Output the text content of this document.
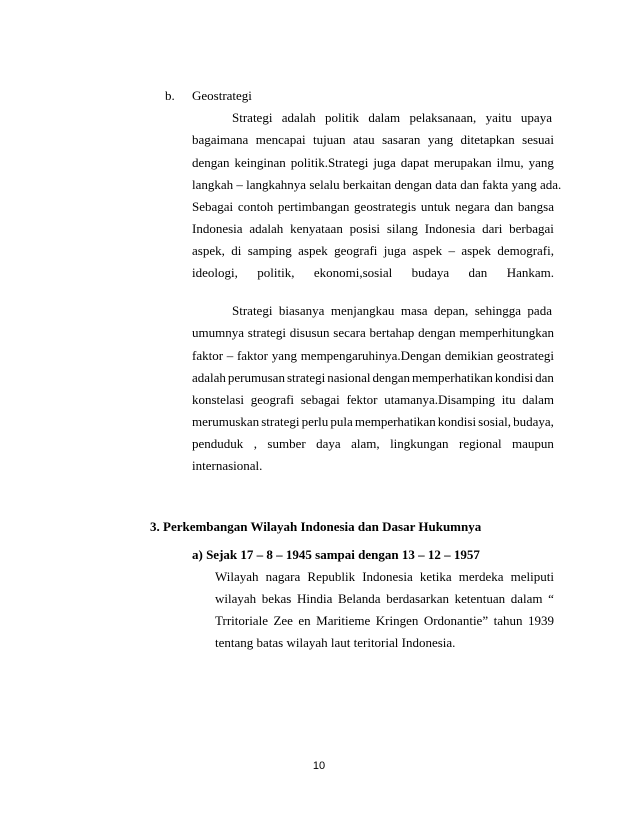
b. Geostrategi
Strategi adalah politik dalam pelaksanaan, yaitu upaya
bagaimana mencapai tujuan atau sasaran yang ditetapkan sesuai
dengan keinginan politik.Strategi juga dapat merupakan ilmu, yang
langkah – langkahnya selalu berkaitan dengan data dan fakta yang ada.
Sebagai contoh pertimbangan geostrategis untuk negara dan bangsa
Indonesia adalah kenyataan posisi silang Indonesia dari berbagai
aspek, di samping aspek geografi juga aspek – aspek demografi,
ideologi, politik, ekonomi,sosial budaya dan Hankam.
Strategi biasanya menjangkau masa depan, sehingga pada
umumnya strategi disusun secara bertahap dengan memperhitungkan
faktor – faktor yang mempengaruhinya.Dengan demikian geostrategi
adalah perumusan strategi nasional dengan memperhatikan kondisi dan
konstelasi geografi sebagai fektor utamanya.Disamping itu dalam
merumuskan strategi perlu pula memperhatikan kondisi sosial, budaya,
penduduk , sumber daya alam, lingkungan regional maupun
internasional.
3. Perkembangan Wilayah Indonesia dan Dasar Hukumnya
a) Sejak 17 – 8 – 1945 sampai dengan 13 – 12 – 1957
Wilayah nagara Republik Indonesia ketika merdeka meliputi
wilayah bekas Hindia Belanda berdasarkan ketentuan dalam “
Trritoriale Zee en Maritieme Kringen Ordonantie” tahun 1939
tentang batas wilayah laut teritorial Indonesia.
10
